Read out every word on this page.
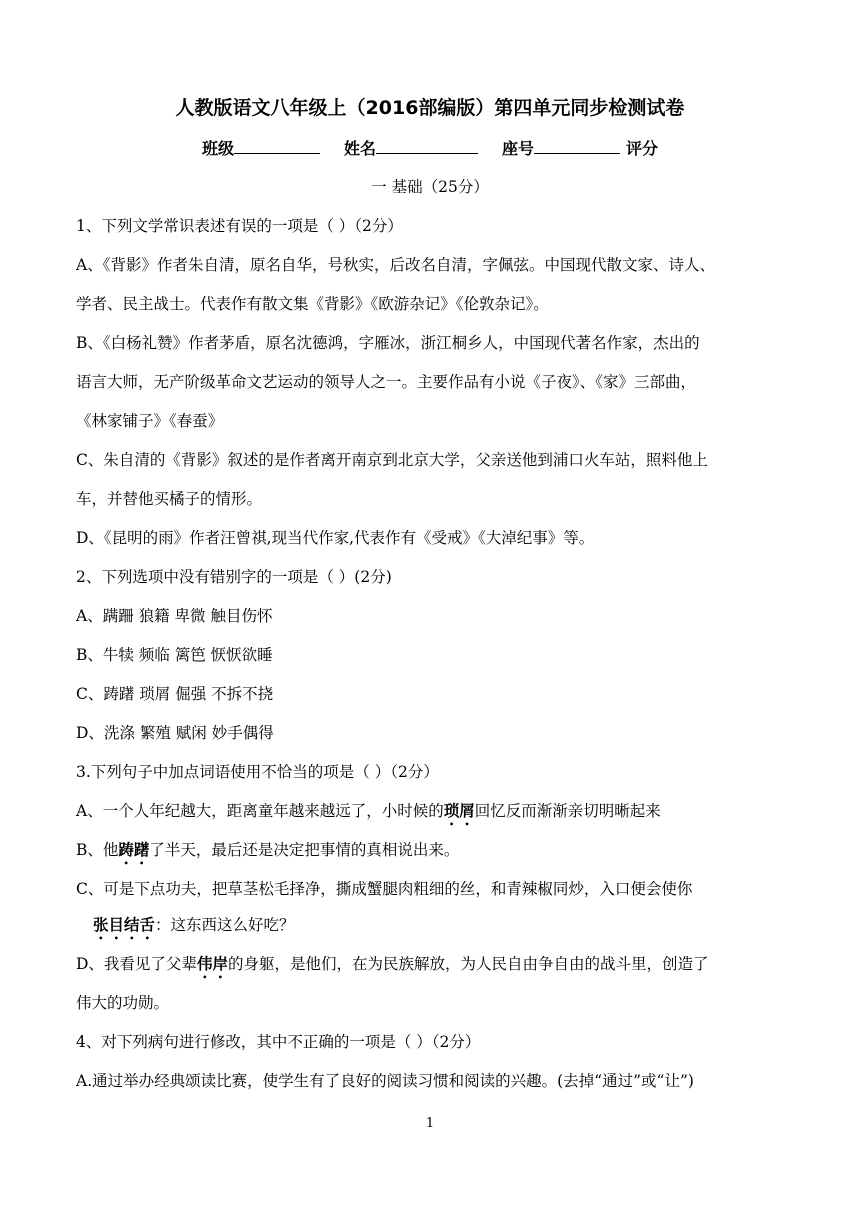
人教版语文八年级上（2016部编版）第四单元同步检测试卷
班级	姓名	座号	评分
一 基础（25分）
1、下列文学常识表述有误的一项是（ ）（2分）
A、《背影》作者朱自清，原名自华，号秋实，后改名自清，字佩弦。中国现代散文家、诗人、
学者、民主战士。代表作有散文集《背影》《欧游杂记》《伦敦杂记》。
B、《白杨礼赞》作者茅盾，原名沈德鸿，字雁冰，浙江桐乡人，中国现代著名作家，杰出的
语言大师，无产阶级革命文艺运动的领导人之一。主要作品有小说《子夜》、《家》三部曲，
《林家铺子》《春蚕》
C、朱自清的《背影》叙述的是作者离开南京到北京大学，父亲送他到浦口火车站，照料他上
车，并替他买橘子的情形。
D、《昆明的雨》作者汪曾祺,现当代作家,代表作有《受戒》《大淖纪事》等。
2、下列选项中没有错别字的一项是（ ）(2分)
A、蹒跚 狼籍 卑微 触目伤怀
B、牛犊 频临 篱笆 恹恹欲睡
C、踌躇 琐屑 倔强 不拆不挠
D、洗涤 繁殖 赋闲 妙手偶得
3.下列句子中加点词语使用不恰当的项是（ ）（2分）
A、一个人年纪越大，距离童年越来越远了，小时候的琐屑回忆反而渐渐亲切明晰起来
B、他踌躇了半天，最后还是决定把事情的真相说出来。
C、可是下点功夫，把草茎松毛择净，撕成蟹腿肉粗细的丝，和青辣椒同炒，入口便会使你
张目结舌：这东西这么好吃？
D、我看见了父辈伟岸的身躯，是他们，在为民族解放，为人民自由争自由的战斗里，创造了
伟大的功勋。
4、对下列病句进行修改，其中不正确的一项是（ ）（2分）
A.通过举办经典颂读比赛，使学生有了良好的阅读习惯和阅读的兴趣。(去掉“通过”或“让”)
1
